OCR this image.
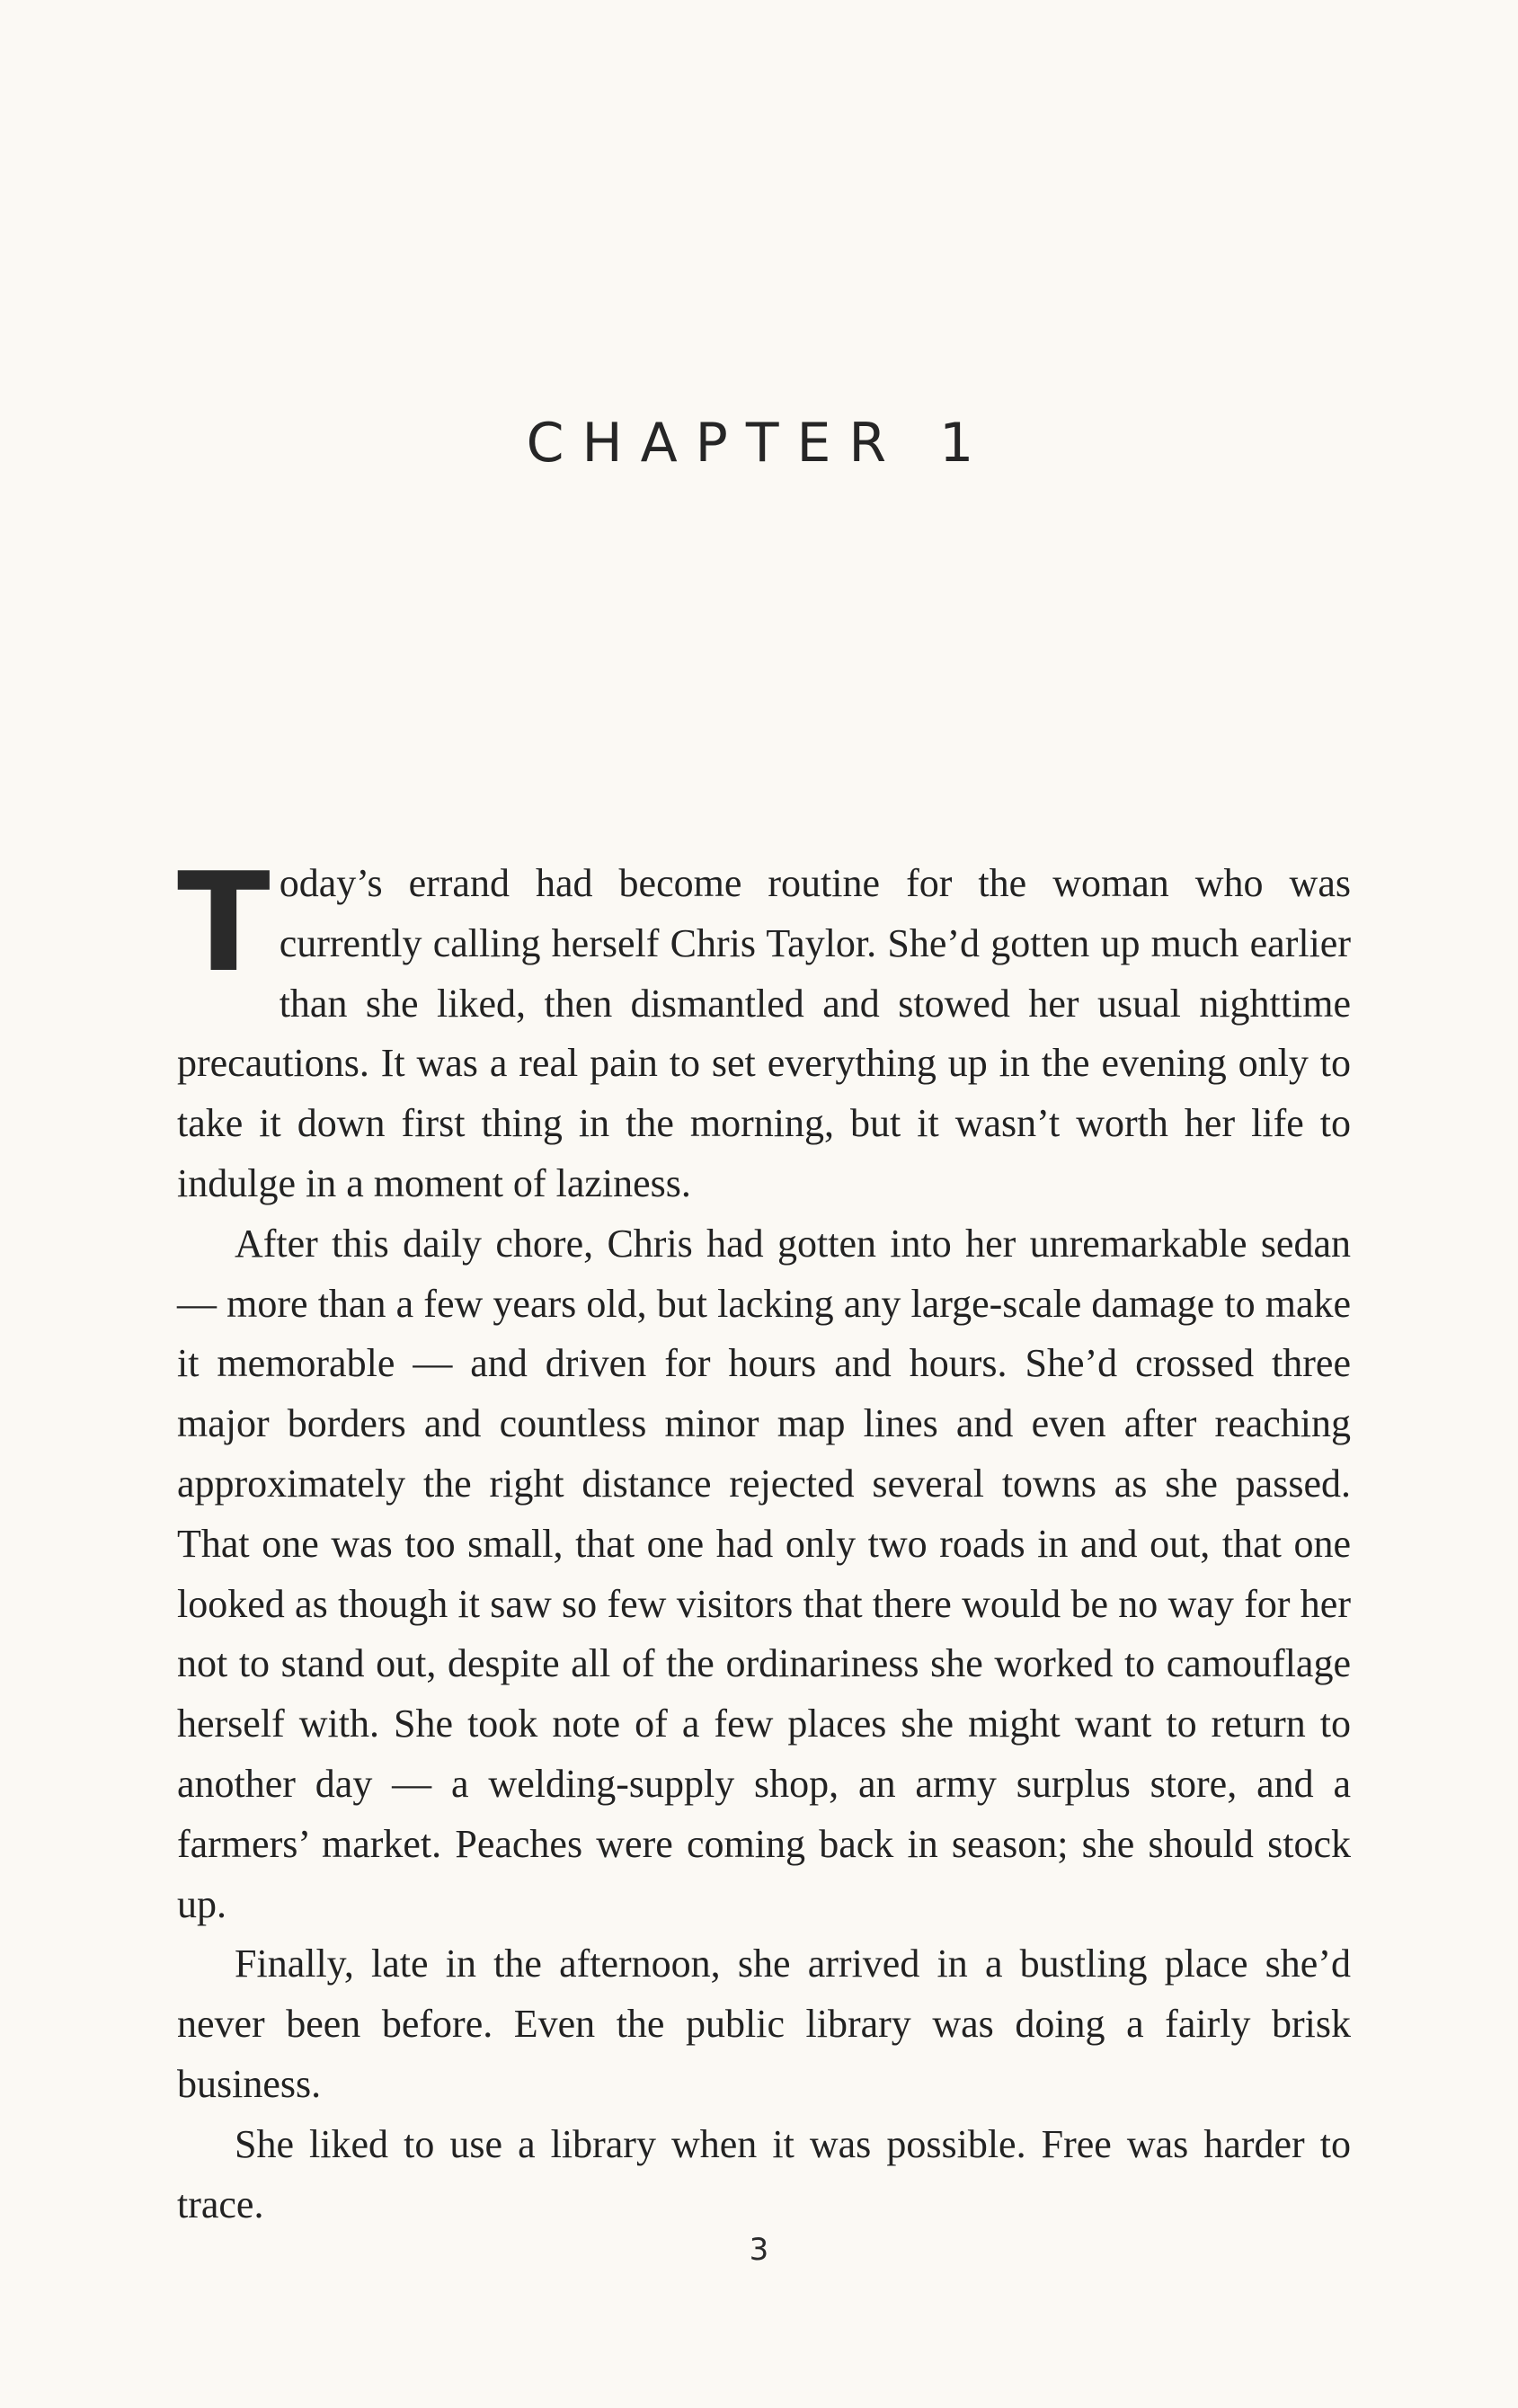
CHAPTER 1

Today’s errand had become routine for the woman who was currently calling herself Chris Taylor. She’d gotten up much earlier than she liked, then dismantled and stowed her usual nighttime precautions. It was a real pain to set everything up in the evening only to take it down first thing in the morning, but it wasn’t worth her life to indulge in a moment of laziness.

After this daily chore, Chris had gotten into her unremarkable sedan — more than a few years old, but lacking any large-scale damage to make it memorable — and driven for hours and hours. She’d crossed three major borders and countless minor map lines and even after reaching approximately the right distance rejected several towns as she passed. That one was too small, that one had only two roads in and out, that one looked as though it saw so few visitors that there would be no way for her not to stand out, despite all of the ordinariness she worked to camouflage herself with. She took note of a few places she might want to return to another day — a welding-supply shop, an army surplus store, and a farmers’ market. Peaches were coming back in season; she should stock up.

Finally, late in the afternoon, she arrived in a bustling place she’d never been before. Even the public library was doing a fairly brisk business.

She liked to use a library when it was possible. Free was harder to trace.

3
